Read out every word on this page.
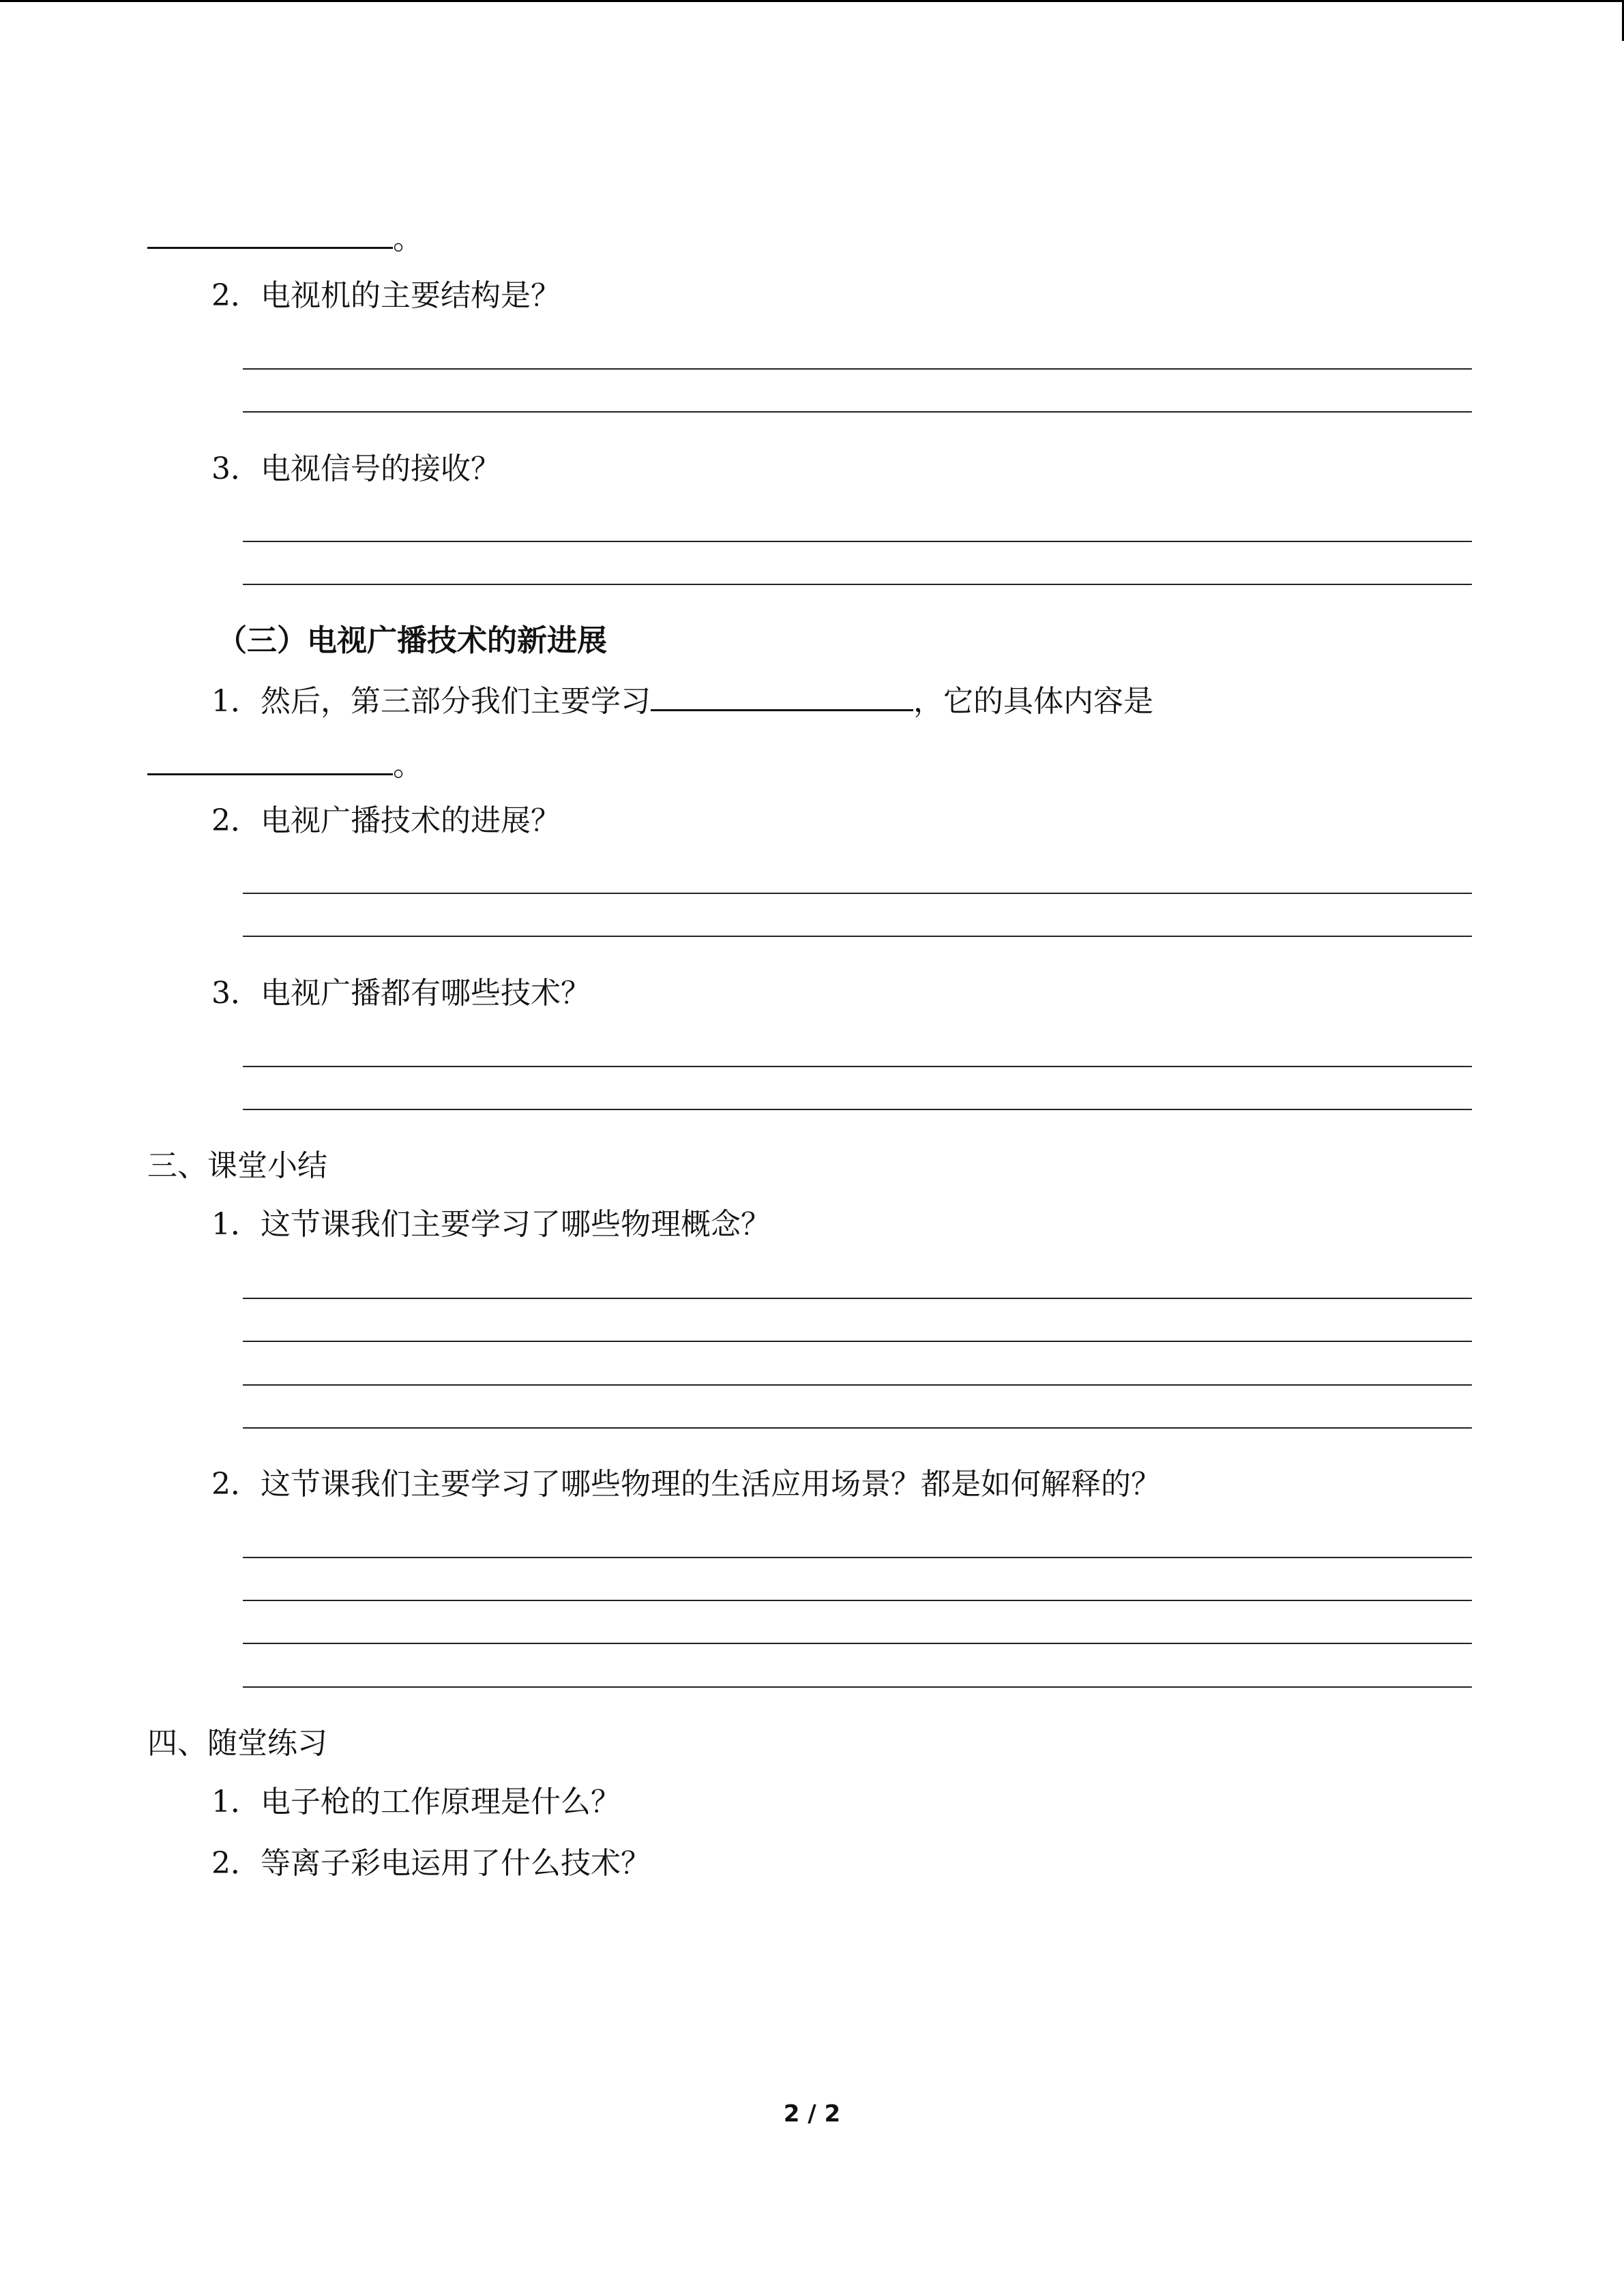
。
2．电视机的主要结构是？
3．电视信号的接收？
（三）电视广播技术的新进展
1．然后，第三部分我们主要学习	，它的具体内容是
。
2．电视广播技术的进展？
3．电视广播都有哪些技术？
三、课堂小结
1．这节课我们主要学习了哪些物理概念？
2．这节课我们主要学习了哪些物理的生活应用场景？都是如何解释的？
四、随堂练习
1．电子枪的工作原理是什么？
2．等离子彩电运用了什么技术？
2 / 2
